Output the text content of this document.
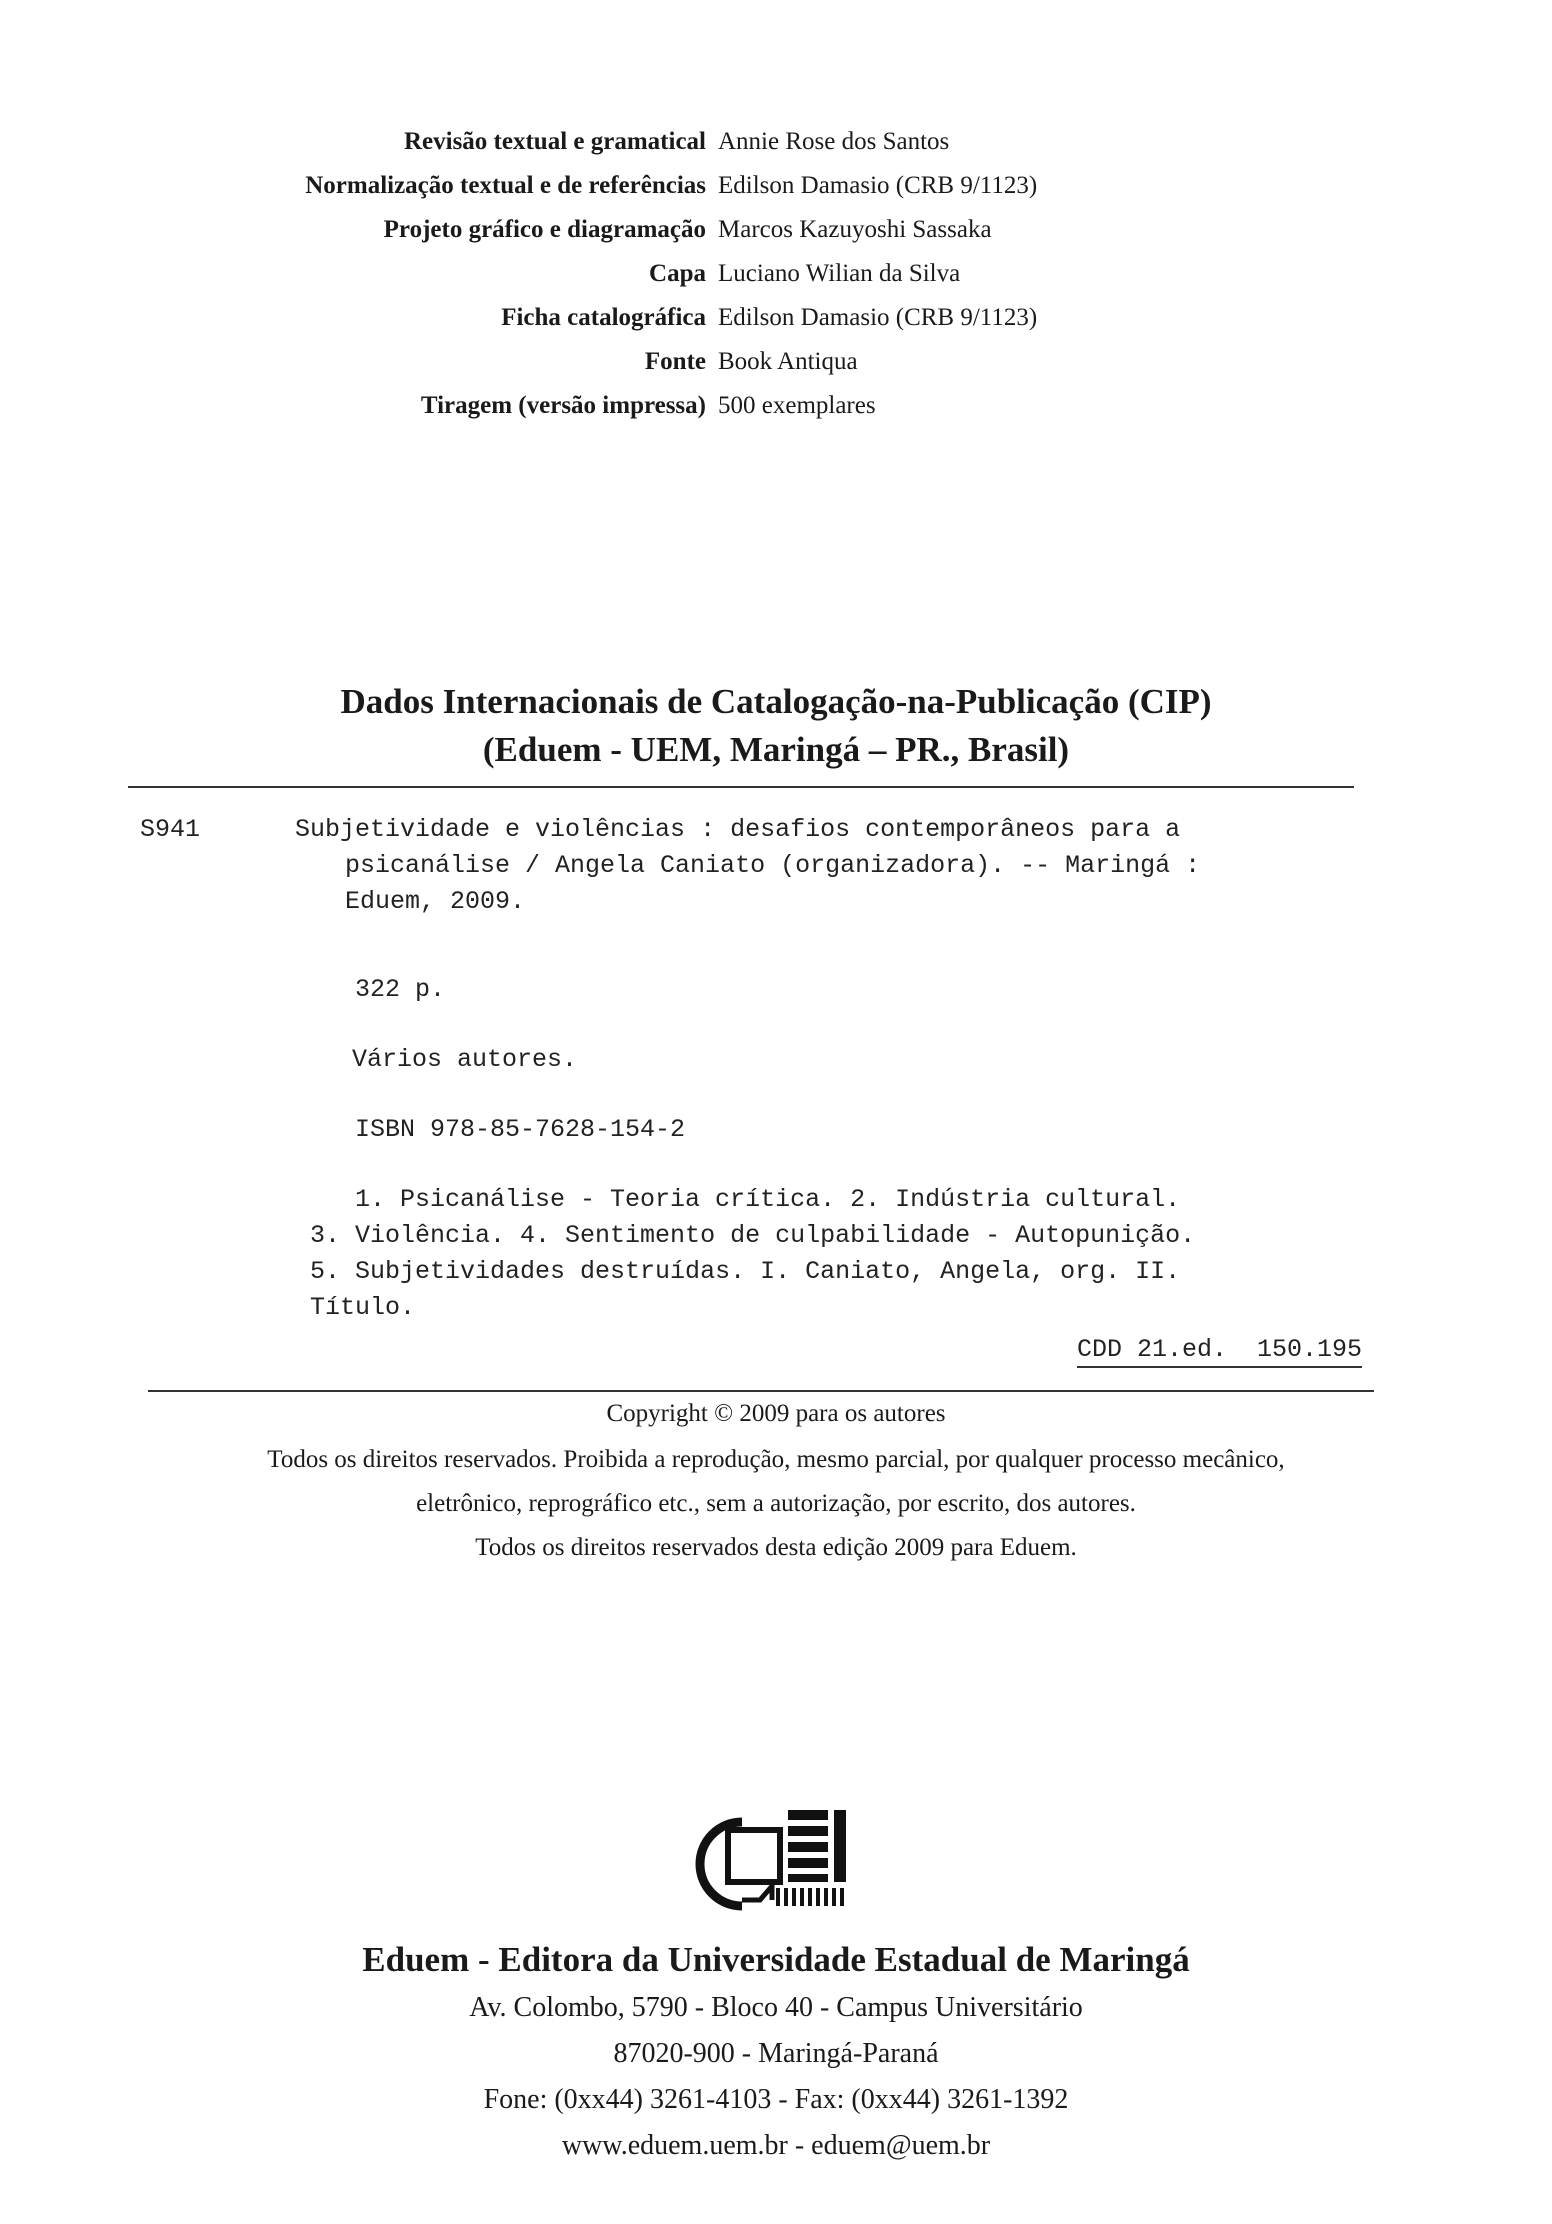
Revisão textual e gramatical Annie Rose dos Santos
Normalização textual e de referências Edilson Damasio (CRB 9/1123)
Projeto gráfico e diagramação Marcos Kazuyoshi Sassaka
Capa Luciano Wilian da Silva
Ficha catalográfica Edilson Damasio (CRB 9/1123)
Fonte Book Antiqua
Tiragem (versão impressa) 500 exemplares
Dados Internacionais de Catalogação-na-Publicação (CIP)
(Eduem - UEM, Maringá – PR., Brasil)
S941	Subjetividade e violências : desafios contemporâneos para a
psicanálise / Angela Caniato (organizadora). -- Maringá :
Eduem, 2009.
322 p.
Vários autores.
ISBN 978-85-7628-154-2
1. Psicanálise - Teoria crítica. 2. Indústria cultural.
3. Violência. 4. Sentimento de culpabilidade - Autopunição.
5. Subjetividades destruídas. I. Caniato, Angela, org. II.
Título.
CDD 21.ed.  150.195
Copyright © 2009 para os autores
Todos os direitos reservados. Proibida a reprodução, mesmo parcial, por qualquer processo mecânico,
eletrônico, reprográfico etc., sem a autorização, por escrito, dos autores.
Todos os direitos reservados desta edição 2009 para Eduem.
Eduem - Editora da Universidade Estadual de Maringá
Av. Colombo, 5790 - Bloco 40 - Campus Universitário
87020-900 - Maringá-Paraná
Fone: (0xx44) 3261-4103 - Fax: (0xx44) 3261-1392
www.eduem.uem.br - eduem@uem.br
